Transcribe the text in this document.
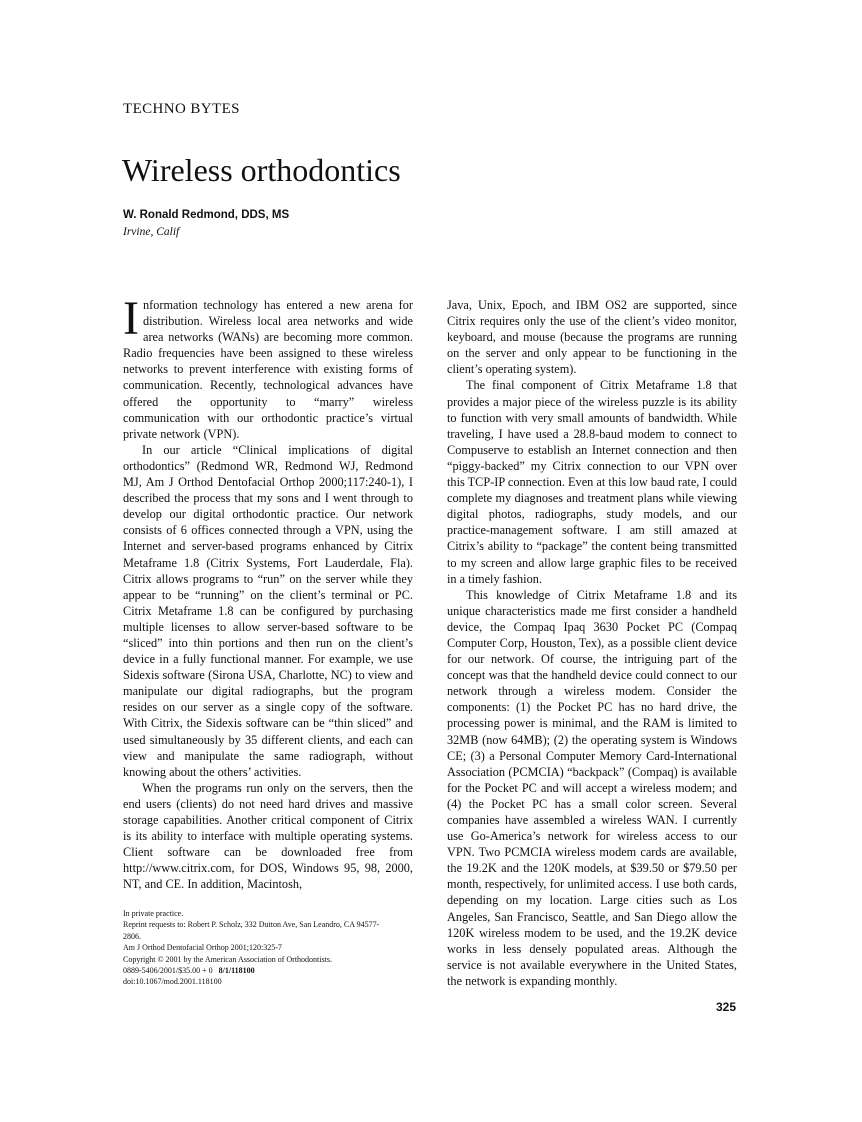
TECHNO BYTES
Wireless orthodontics
W. Ronald Redmond, DDS, MS
Irvine, Calif

Information technology has entered a new arena for distribution. Wireless local area networks and wide area networks (WANs) are becoming more common. Radio frequencies have been assigned to these wireless networks to prevent interference with existing forms of communication. Recently, technological advances have offered the opportunity to “marry” wireless communication with our orthodontic practice’s virtual private network (VPN).

In our article “Clinical implications of digital orthodontics” (Redmond WR, Redmond WJ, Redmond MJ, Am J Orthod Dentofacial Orthop 2000;117:240-1), I described the process that my sons and I went through to develop our digital orthodontic practice. Our network consists of 6 offices connected through a VPN, using the Internet and server-based programs enhanced by Citrix Metaframe 1.8 (Citrix Systems, Fort Lauderdale, Fla). Citrix allows programs to “run” on the server while they appear to be “running” on the client’s terminal or PC. Citrix Metaframe 1.8 can be configured by purchasing multiple licenses to allow server-based software to be “sliced” into thin portions and then run on the client’s device in a fully functional manner. For example, we use Sidexis software (Sirona USA, Charlotte, NC) to view and manipulate our digital radiographs, but the program resides on our server as a single copy of the software. With Citrix, the Sidexis software can be “thin sliced” and used simultaneously by 35 different clients, and each can view and manipulate the same radiograph, without knowing about the others’ activities.

When the programs run only on the servers, then the end users (clients) do not need hard drives and massive storage capabilities. Another critical component of Citrix is its ability to interface with multiple operating systems. Client software can be downloaded free from http://www.citrix.com, for DOS, Windows 95, 98, 2000, NT, and CE. In addition, Macintosh,

Java, Unix, Epoch, and IBM OS2 are supported, since Citrix requires only the use of the client’s video monitor, keyboard, and mouse (because the programs are running on the server and only appear to be functioning in the client’s operating system).

The final component of Citrix Metaframe 1.8 that provides a major piece of the wireless puzzle is its ability to function with very small amounts of bandwidth. While traveling, I have used a 28.8-baud modem to connect to Compuserve to establish an Internet connection and then “piggy-backed” my Citrix connection to our VPN over this TCP-IP connection. Even at this low baud rate, I could complete my diagnoses and treatment plans while viewing digital photos, radiographs, study models, and our practice-management software. I am still amazed at Citrix’s ability to “package” the content being transmitted to my screen and allow large graphic files to be received in a timely fashion.

This knowledge of Citrix Metaframe 1.8 and its unique characteristics made me first consider a handheld device, the Compaq Ipaq 3630 Pocket PC (Compaq Computer Corp, Houston, Tex), as a possible client device for our network. Of course, the intriguing part of the concept was that the handheld device could connect to our network through a wireless modem. Consider the components: (1) the Pocket PC has no hard drive, the processing power is minimal, and the RAM is limited to 32MB (now 64MB); (2) the operating system is Windows CE; (3) a Personal Computer Memory Card-International Association (PCMCIA) “backpack” (Compaq) is available for the Pocket PC and will accept a wireless modem; and (4) the Pocket PC has a small color screen. Several companies have assembled a wireless WAN. I currently use Go-America’s network for wireless access to our VPN. Two PCMCIA wireless modem cards are available, the 19.2K and the 120K models, at $39.50 or $79.50 per month, respectively, for unlimited access. I use both cards, depending on my location. Large cities such as Los Angeles, San Francisco, Seattle, and San Diego allow the 120K wireless modem to be used, and the 19.2K device works in less densely populated areas. Although the service is not available everywhere in the United States, the network is expanding monthly.

In private practice.
Reprint requests to: Robert P. Scholz, 332 Dutton Ave, San Leandro, CA 94577-
2806.
Am J Orthod Dentofacial Orthop 2001;120:325-7
Copyright © 2001 by the American Association of Orthodontists.
0889-5406/2001/$35.00 + 0 8/1/118100
doi:10.1067/mod.2001.118100
325
